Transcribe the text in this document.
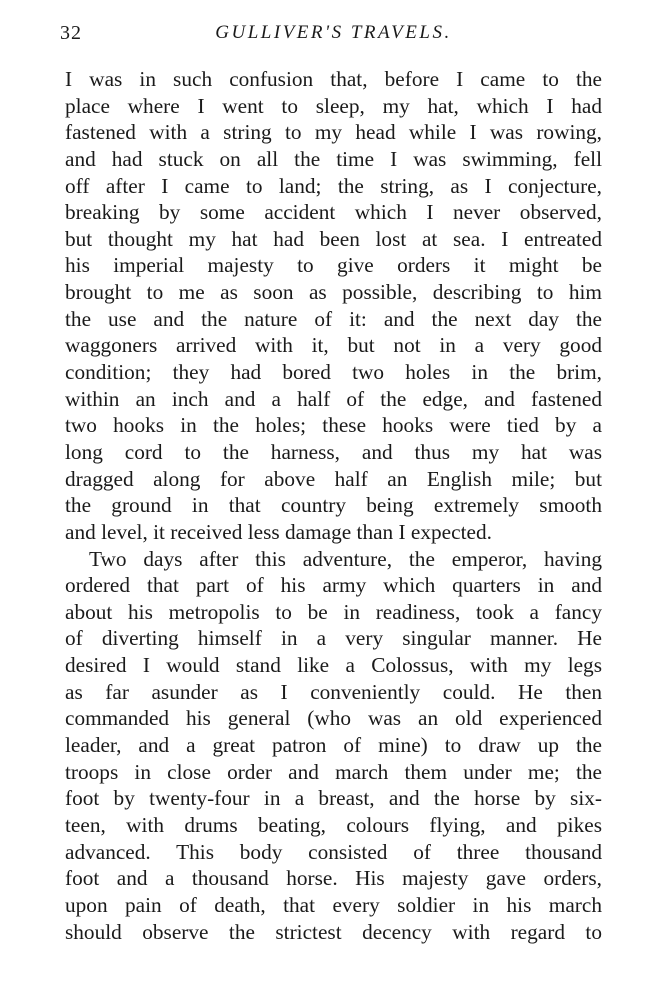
32	GULLIVER'S TRAVELS.
I was in such confusion that, before I came to the
place where I went to sleep, my hat, which I had
fastened with a string to my head while I was rowing,
and had stuck on all the time I was swimming, fell
off after I came to land; the string, as I conjecture,
breaking by some accident which I never observed,
but thought my hat had been lost at sea. I entreated
his imperial majesty to give orders it might be
brought to me as soon as possible, describing to him
the use and the nature of it: and the next day the
waggoners arrived with it, but not in a very good
condition; they had bored two holes in the brim,
within an inch and a half of the edge, and fastened
two hooks in the holes; these hooks were tied by a
long cord to the harness, and thus my hat was
dragged along for above half an English mile; but
the ground in that country being extremely smooth
and level, it received less damage than I expected.
Two days after this adventure, the emperor, having
ordered that part of his army which quarters in and
about his metropolis to be in readiness, took a fancy
of diverting himself in a very singular manner. He
desired I would stand like a Colossus, with my legs
as far asunder as I conveniently could. He then
commanded his general (who was an old experienced
leader, and a great patron of mine) to draw up the
troops in close order and march them under me; the
foot by twenty-four in a breast, and the horse by six-
teen, with drums beating, colours flying, and pikes
advanced. This body consisted of three thousand
foot and a thousand horse. His majesty gave orders,
upon pain of death, that every soldier in his march
should observe the strictest decency with regard to
